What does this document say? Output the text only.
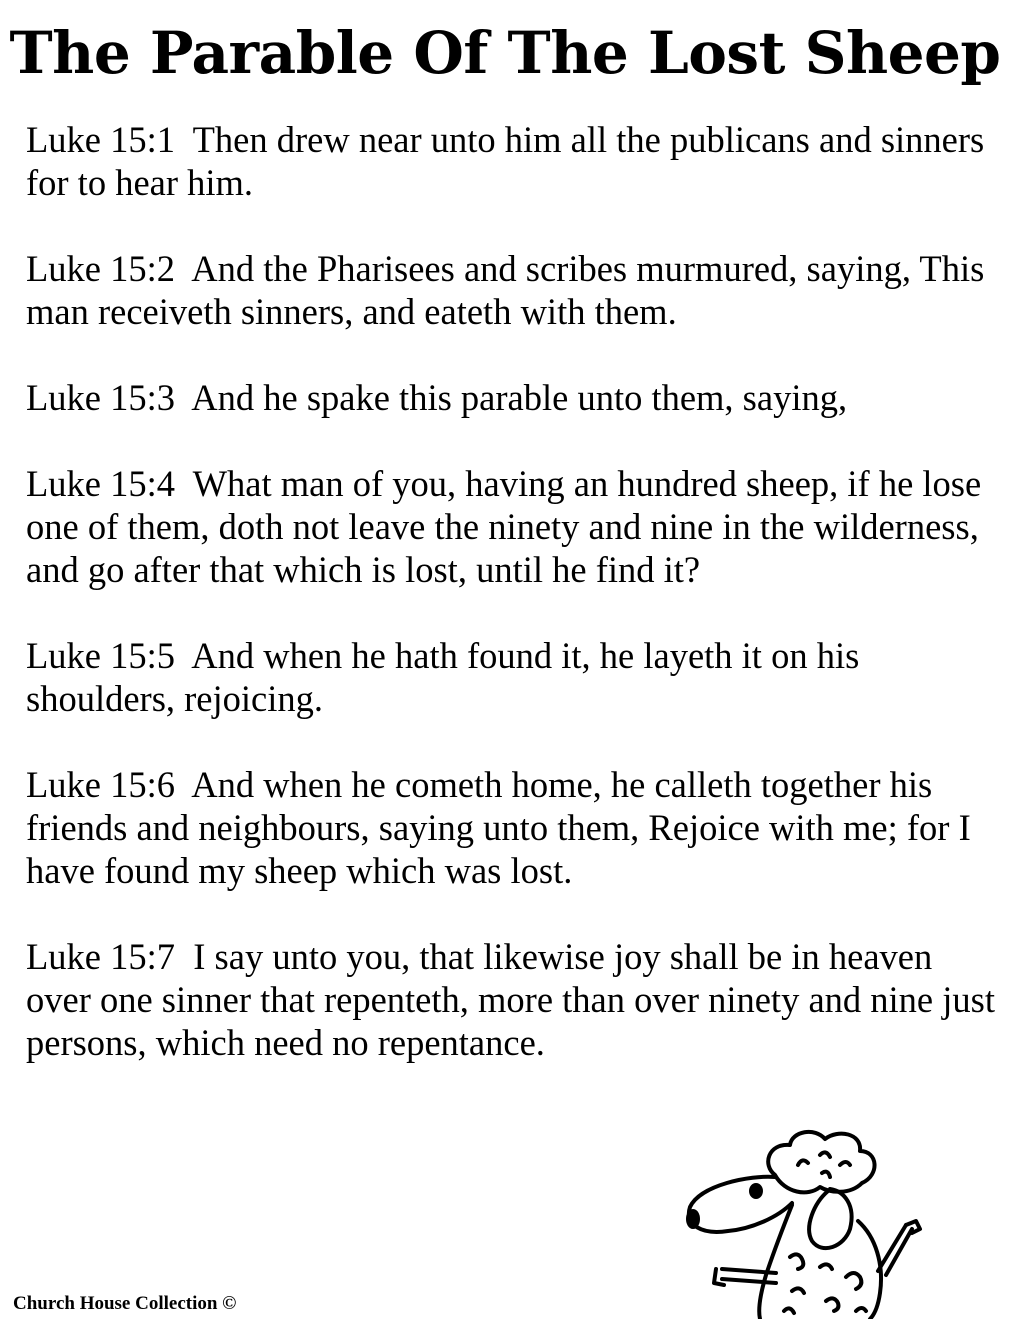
The Parable Of The Lost Sheep

Luke 15:1 Then drew near unto him all the publicans and sinners for to hear him.

Luke 15:2 And the Pharisees and scribes murmured, saying, This man receiveth sinners, and eateth with them.

Luke 15:3 And he spake this parable unto them, saying,

Luke 15:4 What man of you, having an hundred sheep, if he lose one of them, doth not leave the ninety and nine in the wilderness, and go after that which is lost, until he find it?

Luke 15:5 And when he hath found it, he layeth it on his shoulders, rejoicing.

Luke 15:6 And when he cometh home, he calleth together his friends and neighbours, saying unto them, Rejoice with me; for I have found my sheep which was lost.

Luke 15:7 I say unto you, that likewise joy shall be in heaven over one sinner that repenteth, more than over ninety and nine just persons, which need no repentance.

Church House Collection ©
